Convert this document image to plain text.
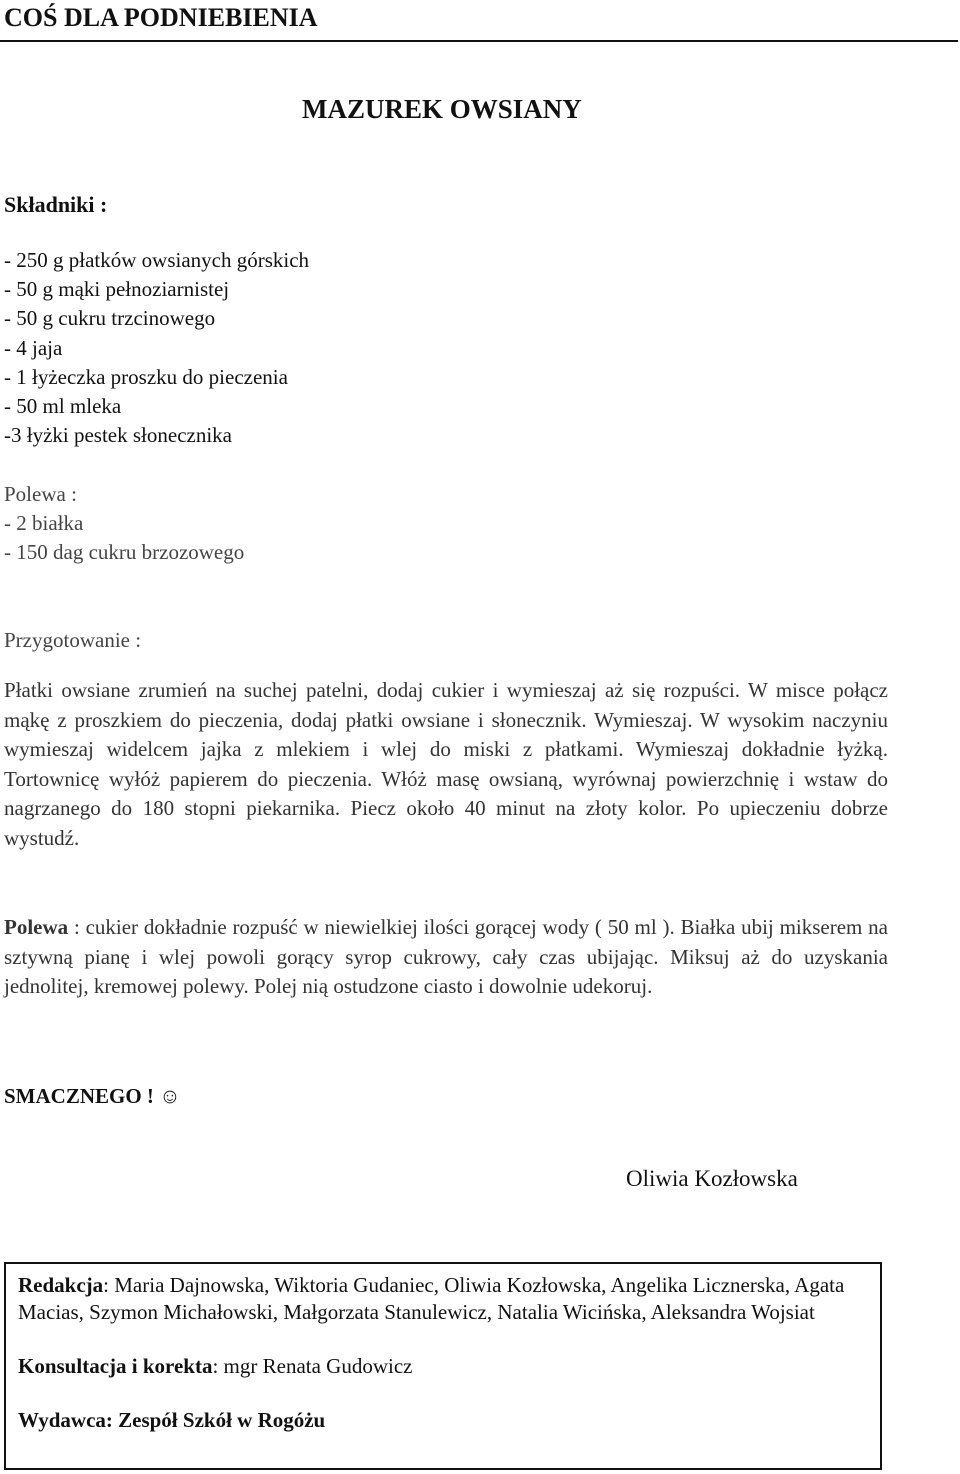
COŚ DLA PODNIEBIENIA
MAZUREK OWSIANY
Składniki :
- 250 g płatków owsianych górskich
- 50 g mąki pełnoziarnistej
- 50 g cukru trzcinowego
- 4 jaja
- 1 łyżeczka proszku do pieczenia
- 50 ml mleka
-3 łyżki pestek słonecznika
Polewa :
- 2 białka
- 150 dag cukru brzozowego
Przygotowanie :
Płatki owsiane zrumień na suchej patelni, dodaj cukier i wymieszaj aż się rozpuści. W misce połącz mąkę z proszkiem do pieczenia, dodaj płatki owsiane i słonecznik. Wymieszaj. W wysokim naczyniu wymieszaj widelcem jajka z mlekiem i wlej do miski z płatkami. Wymieszaj dokładnie łyżką. Tortownicę wyłóż papierem do pieczenia. Włóż masę owsianą, wyrównaj powierzchnię i wstaw do nagrzanego do 180 stopni piekarnika. Piecz około 40 minut na złoty kolor. Po upieczeniu dobrze wystudź.
Polewa : cukier dokładnie rozpuść w niewielkiej ilości gorącej wody ( 50 ml ). Białka ubij mikserem na sztywną pianę i wlej powoli gorący syrop cukrowy, cały czas ubijając. Miksuj aż do uzyskania jednolitej, kremowej polewy. Polej nią ostudzone ciasto i dowolnie udekoruj.
SMACZNEGO ! ☺
Oliwia Kozłowska

Redakcja: Maria Dajnowska, Wiktoria Gudaniec, Oliwia Kozłowska, Angelika Licznerska, Agata Macias, Szymon Michałowski, Małgorzata Stanulewicz, Natalia Wicińska, Aleksandra Wojsiat

Konsultacja i korekta: mgr Renata Gudowicz

Wydawca: Zespół Szkół w Rogóżu
